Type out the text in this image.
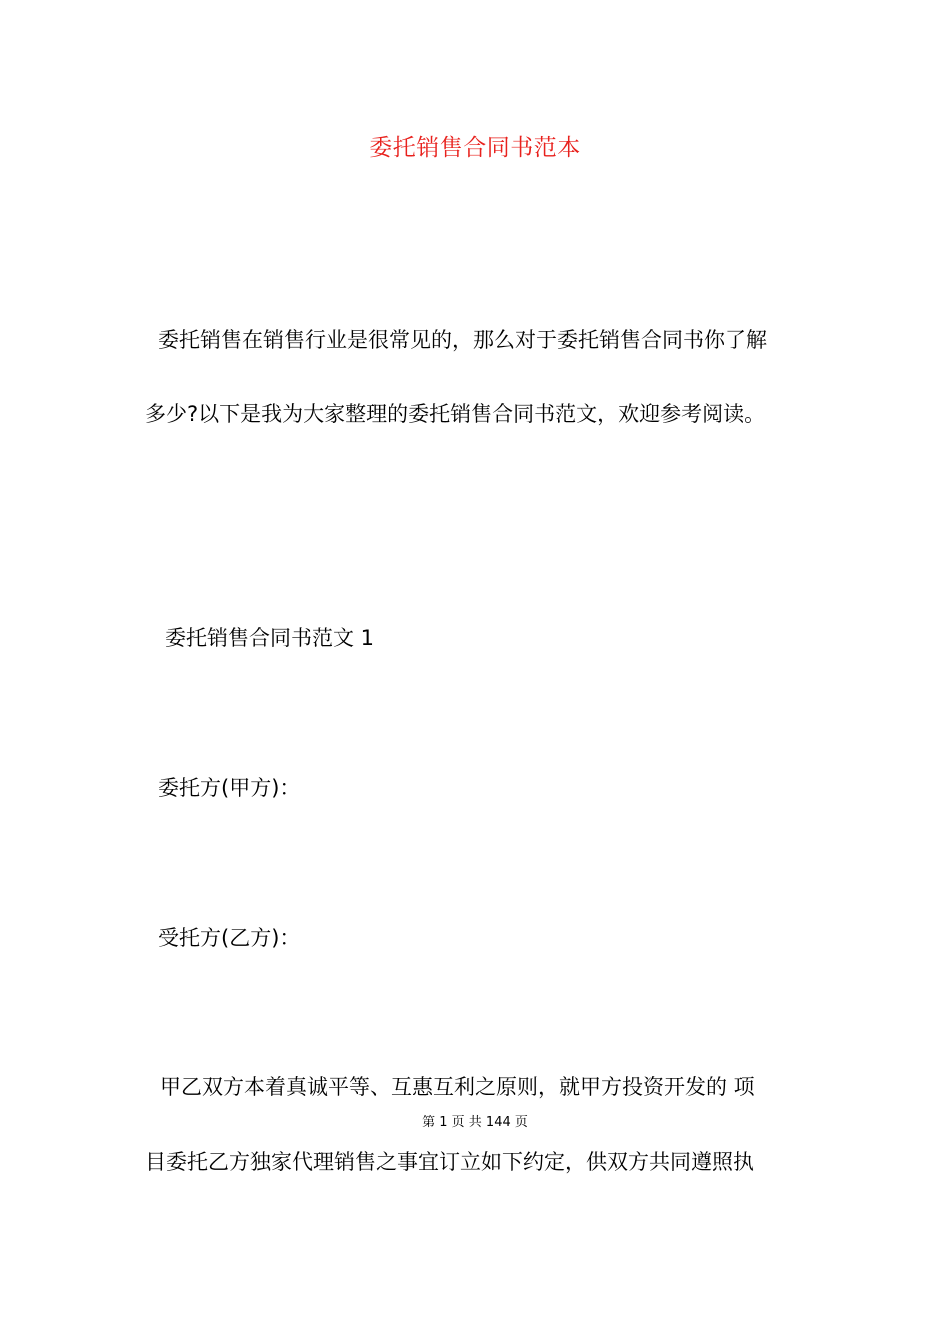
委托销售合同书范本
委托销售在销售行业是很常见的，那么对于委托销售合同书你了解
多少?以下是我为大家整理的委托销售合同书范文，欢迎参考阅读。
委托销售合同书范文 1
委托方(甲方)：
受托方(乙方)：
甲乙双方本着真诚平等、互惠互利之原则，就甲方投资开发的 项
第 1 页 共 144 页
目委托乙方独家代理销售之事宜订立如下约定，供双方共同遵照执
